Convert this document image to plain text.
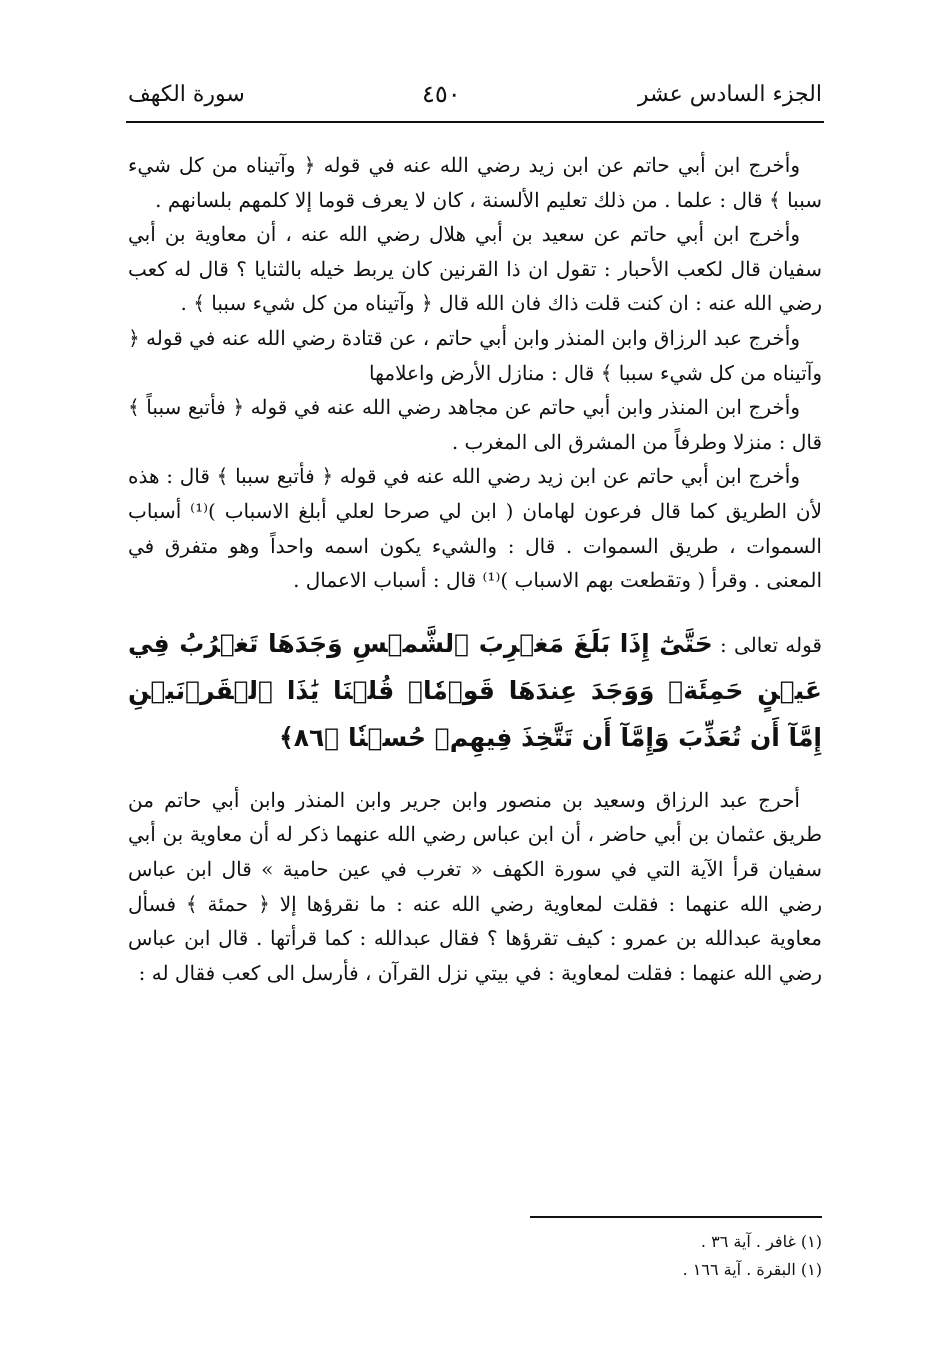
الجزء السادس عشر
٤٥٠
سورة الكهف

وأخرج ابن أبي حاتم عن ابن زيد رضي الله عنه في قوله ﴿ وآتيناه من كل شيء سببا ﴾ قال : علما . من ذلك تعليم الألسنة ، كان لا يعرف قوما إلا كلمهم بلسانهم .

وأخرج ابن أبي حاتم عن سعيد بن أبي هلال رضي الله عنه ، أن معاوية بن أبي سفيان قال لكعب الأحبار : تقول ان ذا القرنين كان يربط خيله بالثنايا ؟ قال له كعب رضي الله عنه : ان كنت قلت ذاك فان الله قال ﴿ وآتيناه من كل شيء سببا ﴾ .

وأخرج عبد الرزاق وابن المنذر وابن أبي حاتم ، عن قتادة رضي الله عنه في قوله ﴿ وآتيناه من كل شيء سببا ﴾ قال : منازل الأرض واعلامها

وأخرج ابن المنذر وابن أبي حاتم عن مجاهد رضي الله عنه في قوله ﴿ فأتبع سبباً ﴾ قال : منزلا وطرفاً من المشرق الى المغرب .

وأخرج ابن أبي حاتم عن ابن زيد رضي الله عنه في قوله ﴿ فأتبع سببا ﴾ قال : هذه لأن الطريق كما قال فرعون لهامان ( ابن لي صرحا لعلي أبلغ الاسباب )⁽¹⁾ أسباب السموات ، طريق السموات . قال : والشيء يكون اسمه واحداً وهو متفرق في المعنى . وقرأ ( وتقطعت بهم الاسباب )⁽¹⁾ قال : أسباب الاعمال .

قوله تعالى : حَتَّىٰٓ إِذَا بَلَغَ مَغۡرِبَ ٱلشَّمۡسِ وَجَدَهَا تَغۡرُبُ فِي عَيۡنٍ حَمِئَةٖ وَوَجَدَ عِندَهَا قَوۡمٗاۗ قُلۡنَا يَٰذَا ٱلۡقَرۡنَيۡنِ إِمَّآ أَن تُعَذِّبَ وَإِمَّآ أَن تَتَّخِذَ فِيهِمۡ حُسۡنٗا ﴿٨٦﴾

أحرج عبد الرزاق وسعيد بن منصور وابن جرير وابن المنذر وابن أبي حاتم من طريق عثمان بن أبي حاضر ، أن ابن عباس رضي الله عنهما ذكر له أن معاوية بن أبي سفيان قرأ الآية التي في سورة الكهف « تغرب في عين حامية » قال ابن عباس رضي الله عنهما : فقلت لمعاوية رضي الله عنه : ما نقرؤها إلا ﴿ حمئة ﴾ فسأل معاوية عبدالله بن عمرو : كيف تقرؤها ؟ فقال عبدالله : كما قرأتها . قال ابن عباس رضي الله عنهما : فقلت لمعاوية : في بيتي نزل القرآن ، فأرسل الى كعب فقال له :

(١) غافر . آية ٣٦ .
(١) البقرة . آية ١٦٦ .
